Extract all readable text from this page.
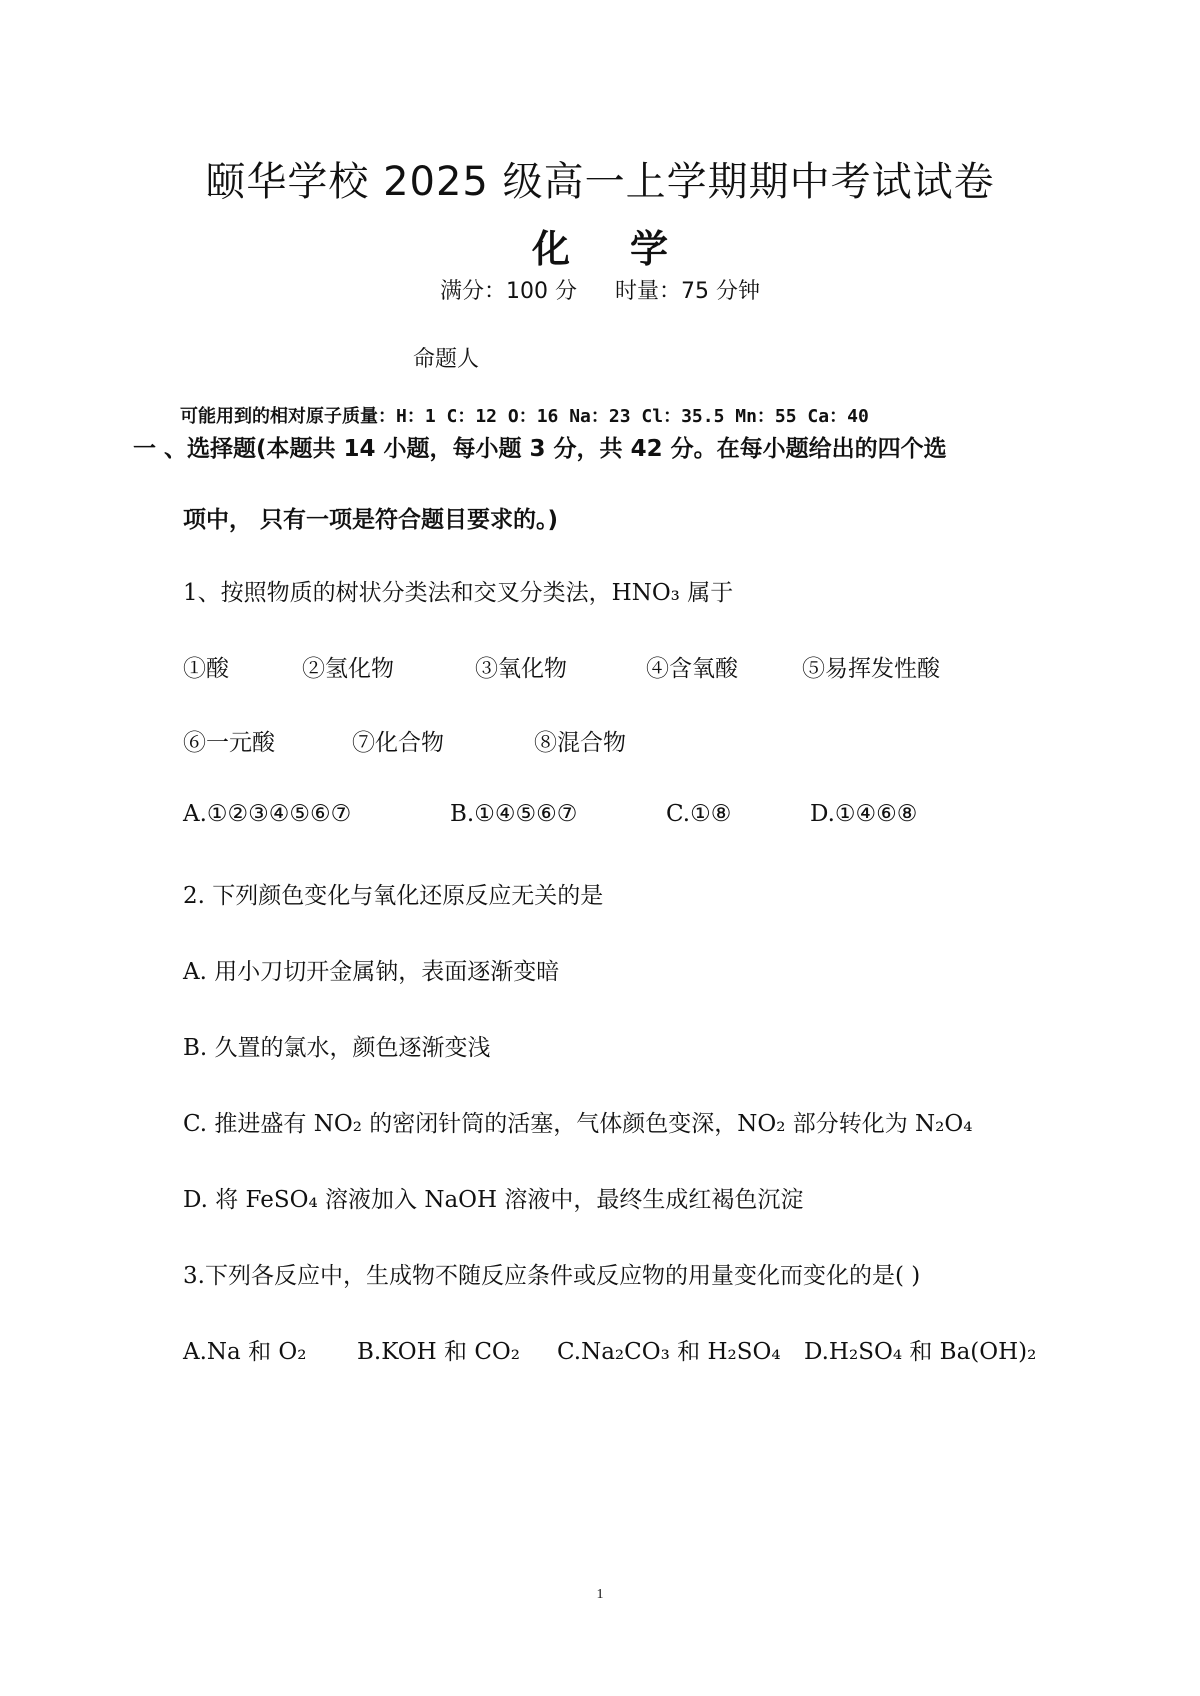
颐华学校 2025 级高一上学期期中考试试卷
化 学
满分：100 分 时量：75 分钟
命题人
可能用到的相对原子质量：H：1 C：12 O：16 Na：23 Cl：35.5 Mn：55 Ca：40
一 、选择题(本题共 14 小题，每小题 3 分，共 42 分。在每小题给出的四个选
项中， 只有一项是符合题目要求的。)
1、按照物质的树状分类法和交叉分类法，HNO₃ 属于
①酸	②氢化物	③氧化物	④含氧酸	⑤易挥发性酸
⑥一元酸	⑦化合物	⑧混合物
A.①②③④⑤⑥⑦	B.①④⑤⑥⑦	C.①⑧	D.①④⑥⑧
2. 下列颜色变化与氧化还原反应无关的是
A. 用小刀切开金属钠，表面逐渐变暗
B. 久置的氯水，颜色逐渐变浅
C. 推进盛有 NO₂ 的密闭针筒的活塞，气体颜色变深，NO₂ 部分转化为 N₂O₄
D. 将 FeSO₄ 溶液加入 NaOH 溶液中，最终生成红褐色沉淀
3.下列各反应中，生成物不随反应条件或反应物的用量变化而变化的是( )
A.Na 和 O₂ B.KOH 和 CO₂ C.Na₂CO₃ 和 H₂SO₄ D.H₂SO₄ 和 Ba(OH)₂
1
